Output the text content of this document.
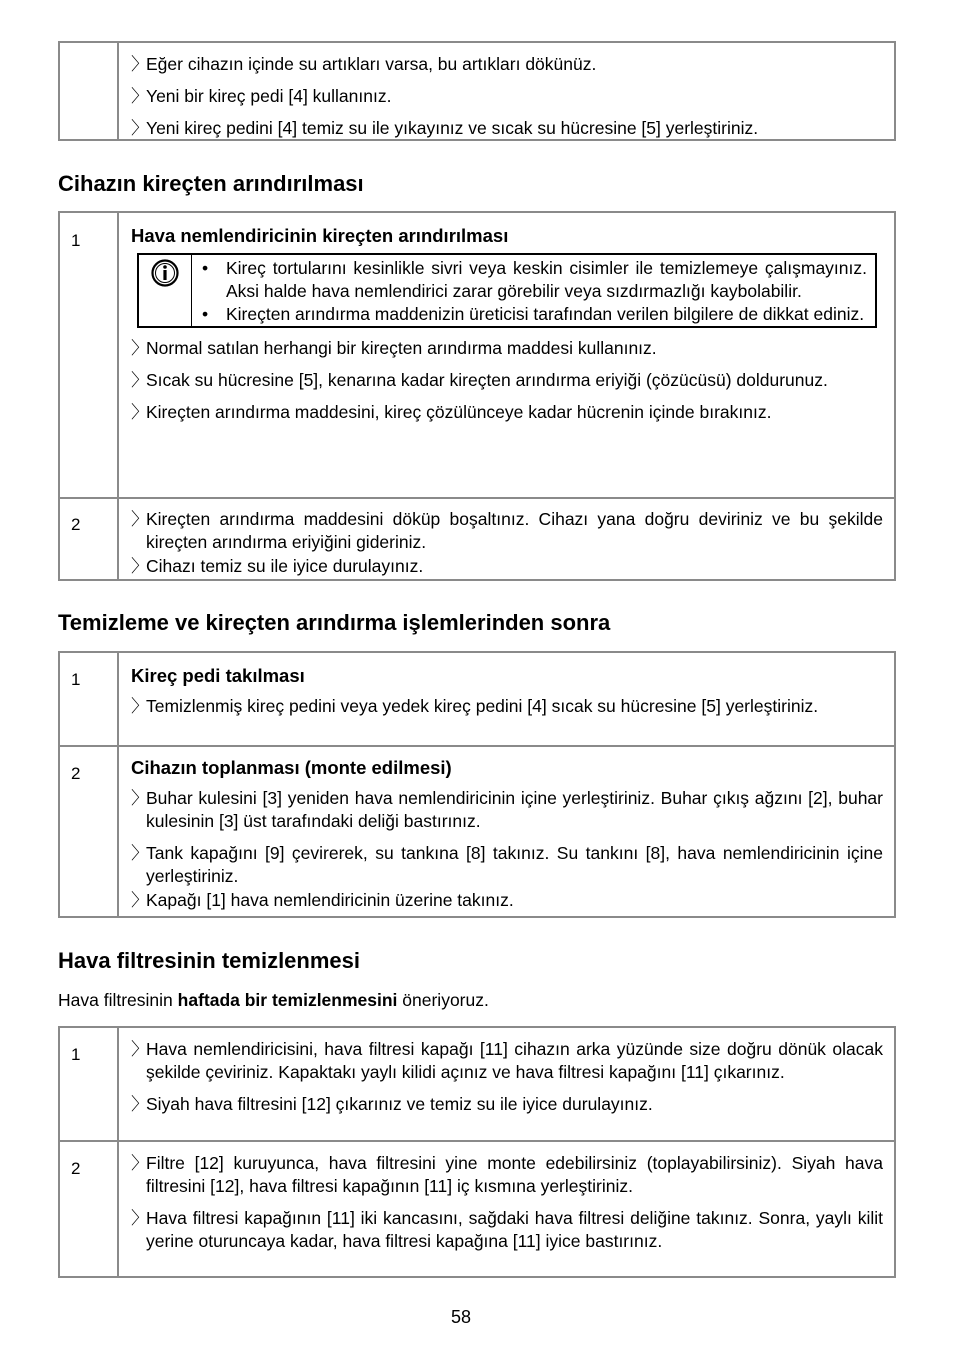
〉
Eğer cihazın içinde su artıkları varsa, bu artıkları dökünüz.
〉
Yeni bir kireç pedi [4] kullanınız.
〉
Yeni kireç pedini [4] temiz su ile yıkayınız ve sıcak su hücresine [5] yerleştiriniz.
Cihazın kireçten arındırılması
1	Hava nemlendiricinin kireçten arındırılması
• Kireç tortularını kesinlikle sivri veya keskin cisimler ile temizlemeye çalışmayınız. Aksi halde hava nemlendirici zarar görebilir veya sızdırmazlığı kaybolabilir.
• Kireçten arındırma maddenizin üreticisi tarafından verilen bilgilere de dikkat ediniz.
〉
Normal satılan herhangi bir kireçten arındırma maddesi kullanınız.
〉
Sıcak su hücresine [5], kenarına kadar kireçten arındırma eriyiği (çözücüsü) doldurunuz.
〉
Kireçten arındırma maddesini, kireç çözülünceye kadar hücrenin içinde bırakınız.
2	〉
Kireçten arındırma maddesini döküp boşaltınız. Cihazı yana doğru deviriniz ve bu şekilde kireçten arındırma eriyiğini gideriniz.
〉
Cihazı temiz su ile iyice durulayınız.
Temizleme ve kireçten arındırma işlemlerinden sonra
1	Kireç pedi takılması
〉
Temizlenmiş kireç pedini veya yedek kireç pedini [4] sıcak su hücresine [5] yerleştiriniz.
2	Cihazın toplanması (monte edilmesi)
〉
Buhar kulesini [3] yeniden hava nemlendiricinin içine yerleştiriniz. Buhar çıkış ağzını [2], buhar kulesinin [3] üst tarafındaki deliği bastırınız.
〉
Tank kapağını [9] çevirerek, su tankına [8] takınız. Su tankını [8], hava nemlendiricinin içine yerleştiriniz.
〉
Kapağı [1] hava nemlendiricinin üzerine takınız.
Hava filtresinin temizlenmesi
Hava filtresinin haftada bir temizlenmesini öneriyoruz.
1	〉
Hava nemlendiricisini, hava filtresi kapağı [11] cihazın arka yüzünde size doğru dönük olacak şekilde çeviriniz. Kapaktakı yaylı kilidi açınız ve hava filtresi kapağını [11] çıkarınız.
〉
Siyah hava filtresini [12] çıkarınız ve temiz su ile iyice durulayınız.
2	〉
Filtre [12] kuruyunca, hava filtresini yine monte edebilirsiniz (toplayabilirsiniz). Siyah hava filtresini [12], hava filtresi kapağının [11] iç kısmına yerleştiriniz.
〉
Hava filtresi kapağının [11] iki kancasını, sağdaki hava filtresi deliğine takınız. Sonra, yaylı kilit yerine oturuncaya kadar, hava filtresi kapağına [11] iyice bastırınız.
58
